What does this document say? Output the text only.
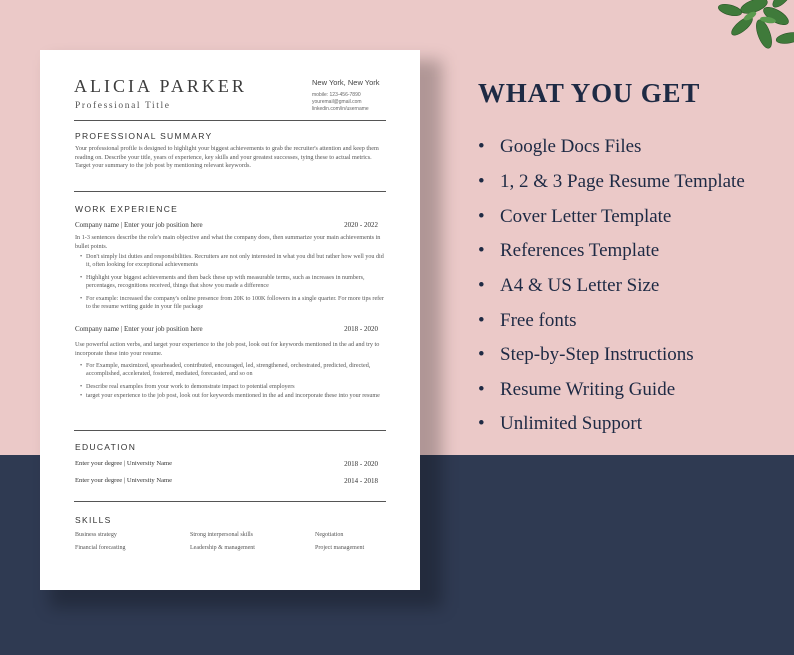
ALICIA PARKER
Professional Title
New York, New York
mobile: 123-456-7890
youremail@gmail.com
linkedin.com/in/username
PROFESSIONAL SUMMARY
Your professional profile is designed to highlight your biggest achievements to grab the recruiter's attention and keep them reading on. Describe your title, years of experience, key skills and your greatest successes, tying these to actual metrics. Target your summary to the job post by mentioning relevant keywords.
WORK EXPERIENCE
Company name | Enter your job position here	2020 - 2022
In 1-3 sentences describe the role's main objective and what the company does, then summarize your main achievements in bullet points.
• Don't simply list duties and responsibilities. Recruiters are not only interested in what you did but rather how well you did it, often looking for exceptional achievements
• Highlight your biggest achievements and then back these up with measurable terms, such as increases in numbers, percentages, recognitions received, things that show you made a difference
• For example: increased the company's online presence from 20K to 100K followers in a single quarter. For more tips refer to the resume writing guide in your file package
Company name | Enter your job position here	2018 - 2020
Use powerful action verbs, and target your experience to the job post, look out for keywords mentioned in the ad and try to incorporate these into your resume.
• For Example, maximized, spearheaded, contributed, encouraged, led, strengthened, orchestrated, predicted, directed, accomplished, accelerated, fostered, mediated, forecasted, and so on
• Describe real examples from your work to demonstrate impact to potential employers
• target your experience to the job post, look out for keywords mentioned in the ad and incorporate these into your resume
EDUCATION
Enter your degree | University Name	2018 - 2020
Enter your degree | University Name	2014 - 2018
SKILLS
Business strategy	Strong interpersonal skills	Negotiation
Financial forecasting	Leadership & management	Project management
WHAT YOU GET
• Google Docs Files
• 1, 2 & 3 Page Resume Template
• Cover Letter Template
• References Template
• A4 & US Letter Size
• Free fonts
• Step-by-Step Instructions
• Resume Writing Guide
• Unlimited Support
